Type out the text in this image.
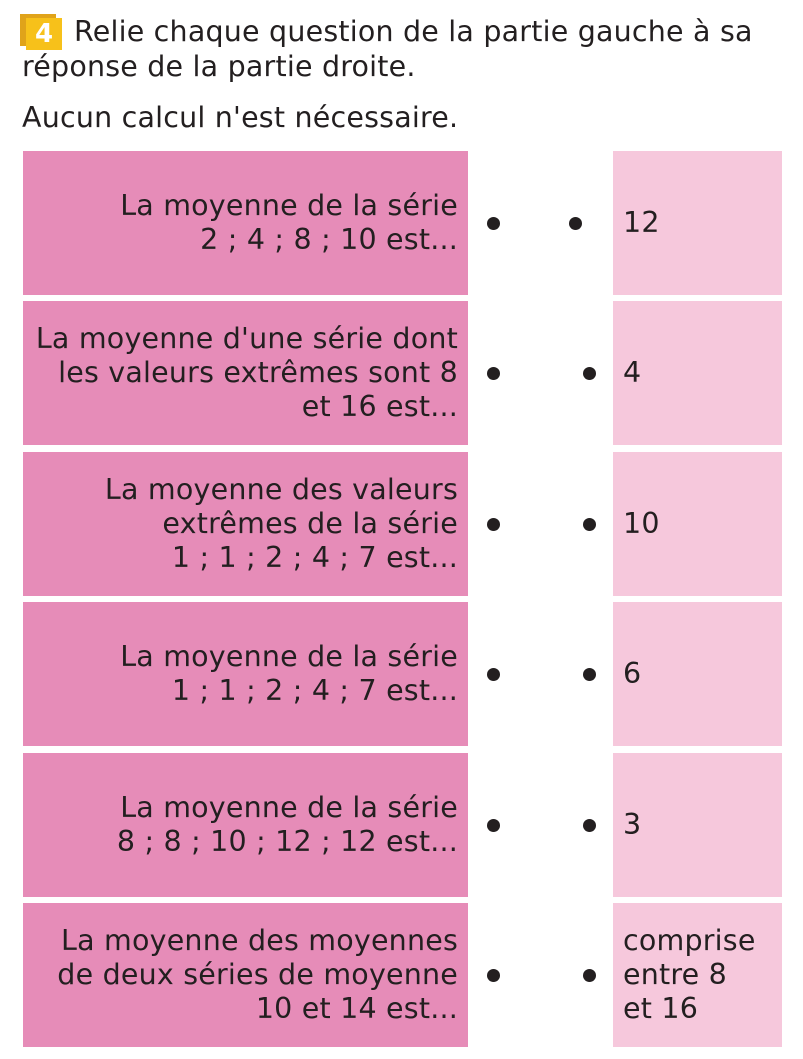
4 Relie chaque question de la partie gauche à sa réponse de la partie droite.
Aucun calcul n'est nécessaire.
La moyenne de la série
2 ; 4 ; 8 ; 10 est...
12
La moyenne d'une série dont
les valeurs extrêmes sont 8
et 16 est...
4
La moyenne des valeurs
extrêmes de la série
1 ; 1 ; 2 ; 4 ; 7 est...
10
La moyenne de la série
1 ; 1 ; 2 ; 4 ; 7 est...
6
La moyenne de la série
8 ; 8 ; 10 ; 12 ; 12 est...
3
La moyenne des moyennes
de deux séries de moyenne
10 et 14 est...
comprise
entre 8
et 16
